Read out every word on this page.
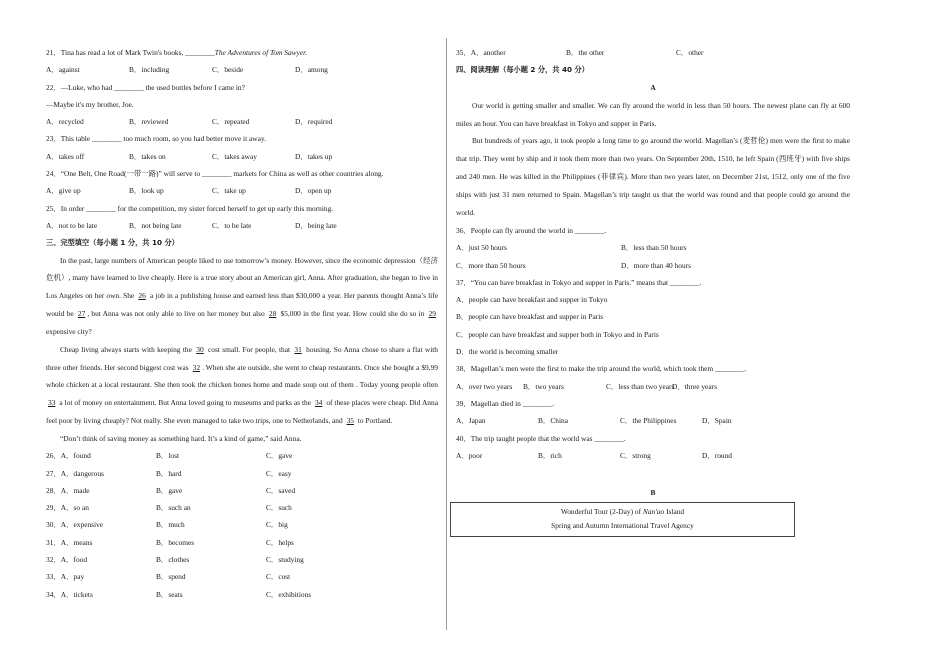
21．Tina has read a lot of Mark Twin's books, ________The Adventures of Tom Sawyer.
A．against	B．including	C．beside	D．among
22．—Luke, who had ________ the used bottles before I came in?
—Maybe it's my brother, Joe.
A．recycled	B．reviewed	C．repeated	D．required
23．This table ________ too much room, so you had better move it away.
A．takes off	B．takes on	C．takes away	D．takes up
24．“One Belt, One Road(一带一路)” will serve to ________ markets for China as well as other countries along.
A．give up	B．look up	C．take up	D．open up
25．In order ________ for the competition, my sister forced herself to get up early this morning.
A．not to be late	B．not being late	C．to be late	D．being late
三、完型填空（每小题 1 分，共 10 分）

In the past, large numbers of American people liked to use tomorrow’s money. However, since the economic depression（经济危机）, many have learned to live cheaply. Here is a true story about an American girl, Anna. After graduation, she began to live in Los Angeles on her own. She 26 a job in a publishing house and earned less than $30,000 a year. Her parents thought Anna’s life would be 27 , but Anna was not only able to live on her money but also 28 $5,000 in the first year. How could she do so in 29 expensive city?

Cheap living always starts with keeping the 30 cost small. For people, that 31 housing. So Anna chose to share a flat with three other friends. Her second biggest cost was 32 . When she ate outside, she went to cheap restaurants. Once she bought a $9,99 whole chicken at a local restaurant. She then took the chicken bones home and made soup out of them . Today young people often 33 a lot of money on entertainment. But Anna loved going to museums and parks as the 34 of these places were cheap. Did Anna feel poor by living cheaply? Not really. She even managed to take two trips, one to Netherlands, and 35 to Portland.

“Don’t think of saving money as something hard. It’s a kind of game,” said Anna.
26．A．found	B．lost	C．gave
27．A．dangerous	B．hard	C．easy
28．A．made	B．gave	C．saved
29．A．so an	B．such an	C．such
30．A．expensive	B．much	C．big
31．A．means	B．becomes	C．helps
32．A．food	B．clothes	C．studying
33．A．pay	B．spend	C．cost
34．A．tickets	B．seats	C．exhibitions
35．A．another	B．the other	C．other
四、阅读理解（每小题 2 分，共 40 分）
A

Our world is getting smaller and smaller. We can fly around the world in less than 50 hours. The newest plane can fly at 600 miles an hour. You can have breakfast in Tokyo and supper in Paris.

But hundreds of years ago, it took people a long time to go around the world. Magellan’s (麦哲伦) men were the first to make that trip. They went by ship and it took them more than two years. On September 20th, 1510, he left Spain (西班牙) with five ships and 240 men. He was killed in the Philippines (菲律宾). More than two years later, on December 21st, 1512, only one of the five ships with just 31 men returned to Spain. Magellan’s trip taught us that the world was round and that people could go around the world.

36．People can fly around the world in ________.
A．just 50 hours	B．less than 50 hours
C．more than 50 hours	D．more than 40 hours
37．“You can have breakfast in Tokyo and supper in Paris.” means that ________.
A．people can have breakfast and supper in Tokyo
B．people can have breakfast and supper in Paris
C．people can have breakfast and supper both in Tokyo and in Paris
D．the world is becoming smaller
38．Magellan’s men were the first to make the trip around the world, which took them ________.
A．over two years	B．two years	C．less than two years
D．three years
39．Magellan died in ________.
A．Japan	B．China	C．the Philippines	D．Spain
40．The trip taught people that the world was ________.
A．poor	B．rich	C．strong	D．round
B
Wonderful Tour (2-Day) of Nan'ao Island
Spring and Autumn International Travel Agency
